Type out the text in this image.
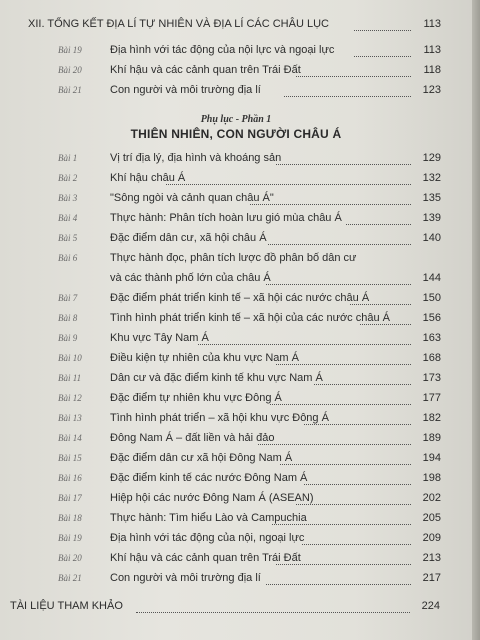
XII. TỔNG KẾT ĐỊA LÍ TỰ NHIÊN VÀ ĐỊA LÍ CÁC CHÂU LỤC	113
Bài 19	Địa hình với tác động của nội lực và ngoại lực	113
Bài 20	Khí hậu và các cảnh quan trên Trái Đất	118
Bài 21	Con người và môi trường địa lí	123
Phụ lục - Phần 1
THIÊN NHIÊN, CON NGƯỜI CHÂU Á
Bài 1	Vị trí địa lý, địa hình và khoáng sản	129
Bài 2	Khí hậu châu Á	132
Bài 3	"Sông ngòi và cảnh quan châu Á"	135
Bài 4	Thực hành: Phân tích hoàn lưu gió mùa châu Á	139
Bài 5	Đặc điểm dân cư, xã hội châu Á	140
Bài 6	Thực hành đọc, phân tích lược đồ phân bố dân cư
và các thành phố lớn của châu Á	144
Bài 7	Đặc điểm phát triển kinh tế – xã hội các nước châu Á	150
Bài 8	Tình hình phát triển kinh tế – xã hội của các nước châu Á	156
Bài 9	Khu vực Tây Nam Á	163
Bài 10	Điều kiện tự nhiên của khu vực Nam Á	168
Bài 11	Dân cư và đặc điểm kinh tế khu vực Nam Á	173
Bài 12	Đặc điểm tự nhiên khu vực Đông Á	177
Bài 13	Tình hình phát triển – xã hội khu vực Đông Á	182
Bài 14	Đông Nam Á – đất liền và hải đảo	189
Bài 15	Đặc điểm dân cư xã hội Đông Nam Á	194
Bài 16	Đặc điểm kinh tế các nước Đông Nam Á	198
Bài 17	Hiệp hội các nước Đông Nam Á (ASEAN)	202
Bài 18	Thực hành: Tìm hiểu Lào và Campuchia	205
Bài 19	Địa hình với tác động của nội, ngoại lực	209
Bài 20	Khí hậu và các cảnh quan trên Trái Đất	213
Bài 21	Con người và môi trường địa lí	217
TÀI LIỆU THAM KHẢO	224
